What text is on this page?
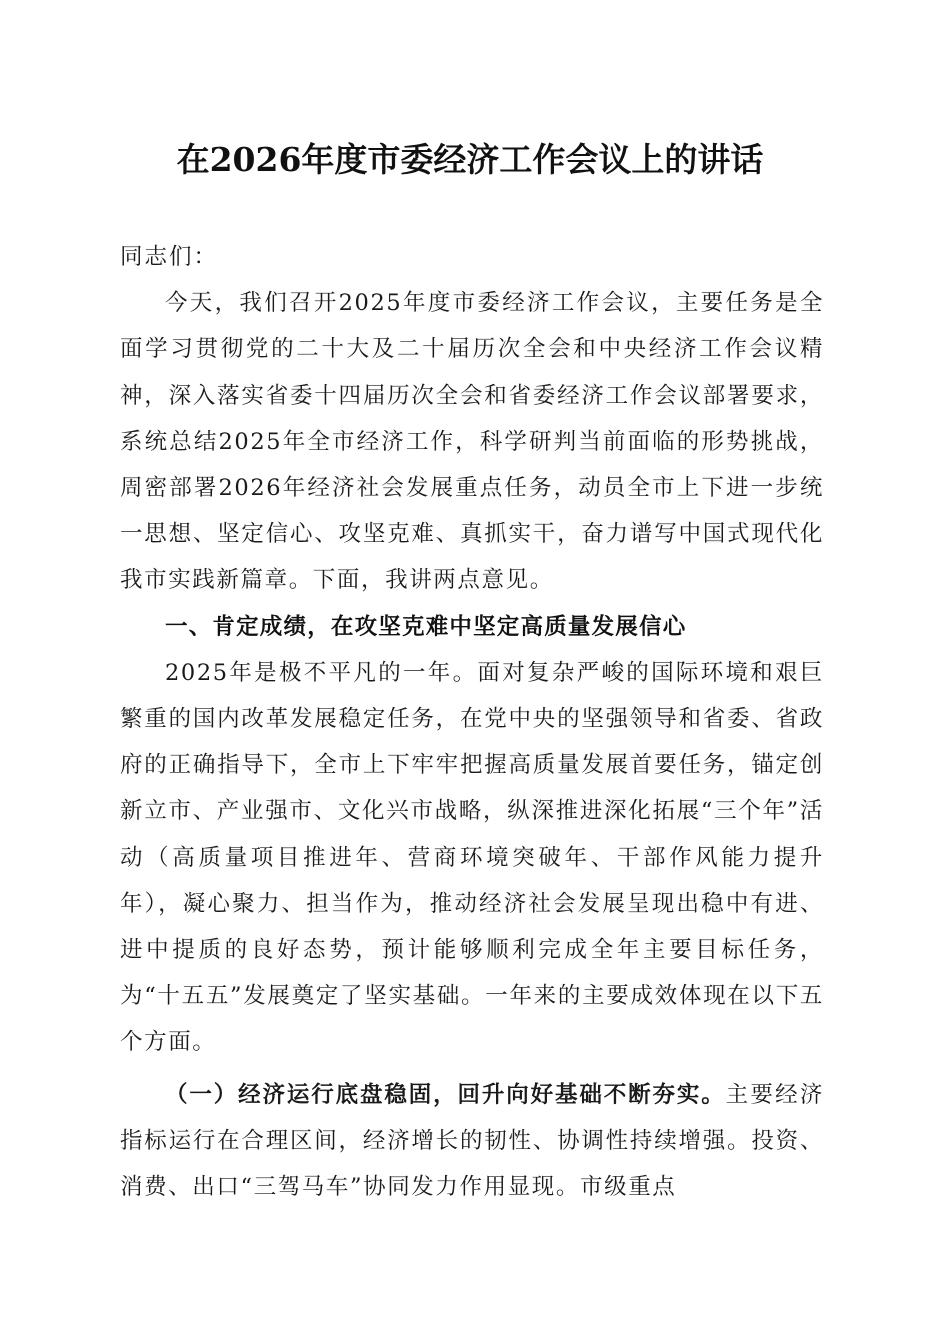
在2026年度市委经济工作会议上的讲话

同志们：

今天，我们召开2025年度市委经济工作会议，主要任务是全面学习贯彻党的二十大及二十届历次全会和中央经济工作会议精神，深入落实省委十四届历次全会和省委经济工作会议部署要求，系统总结2025年全市经济工作，科学研判当前面临的形势挑战，周密部署2026年经济社会发展重点任务，动员全市上下进一步统一思想、坚定信心、攻坚克难、真抓实干，奋力谱写中国式现代化我市实践新篇章。下面，我讲两点意见。

一、肯定成绩，在攻坚克难中坚定高质量发展信心

2025年是极不平凡的一年。面对复杂严峻的国际环境和艰巨繁重的国内改革发展稳定任务，在党中央的坚强领导和省委、省政府的正确指导下，全市上下牢牢把握高质量发展首要任务，锚定创新立市、产业强市、文化兴市战略，纵深推进深化拓展“三个年”活动（高质量项目推进年、营商环境突破年、干部作风能力提升年），凝心聚力、担当作为，推动经济社会发展呈现出稳中有进、进中提质的良好态势，预计能够顺利完成全年主要目标任务，为“十五五”发展奠定了坚实基础。一年来的主要成效体现在以下五个方面。

（一）经济运行底盘稳固，回升向好基础不断夯实。主要经济指标运行在合理区间，经济增长的韧性、协调性持续增强。投资、消费、出口“三驾马车”协同发力作用显现。市级重点
